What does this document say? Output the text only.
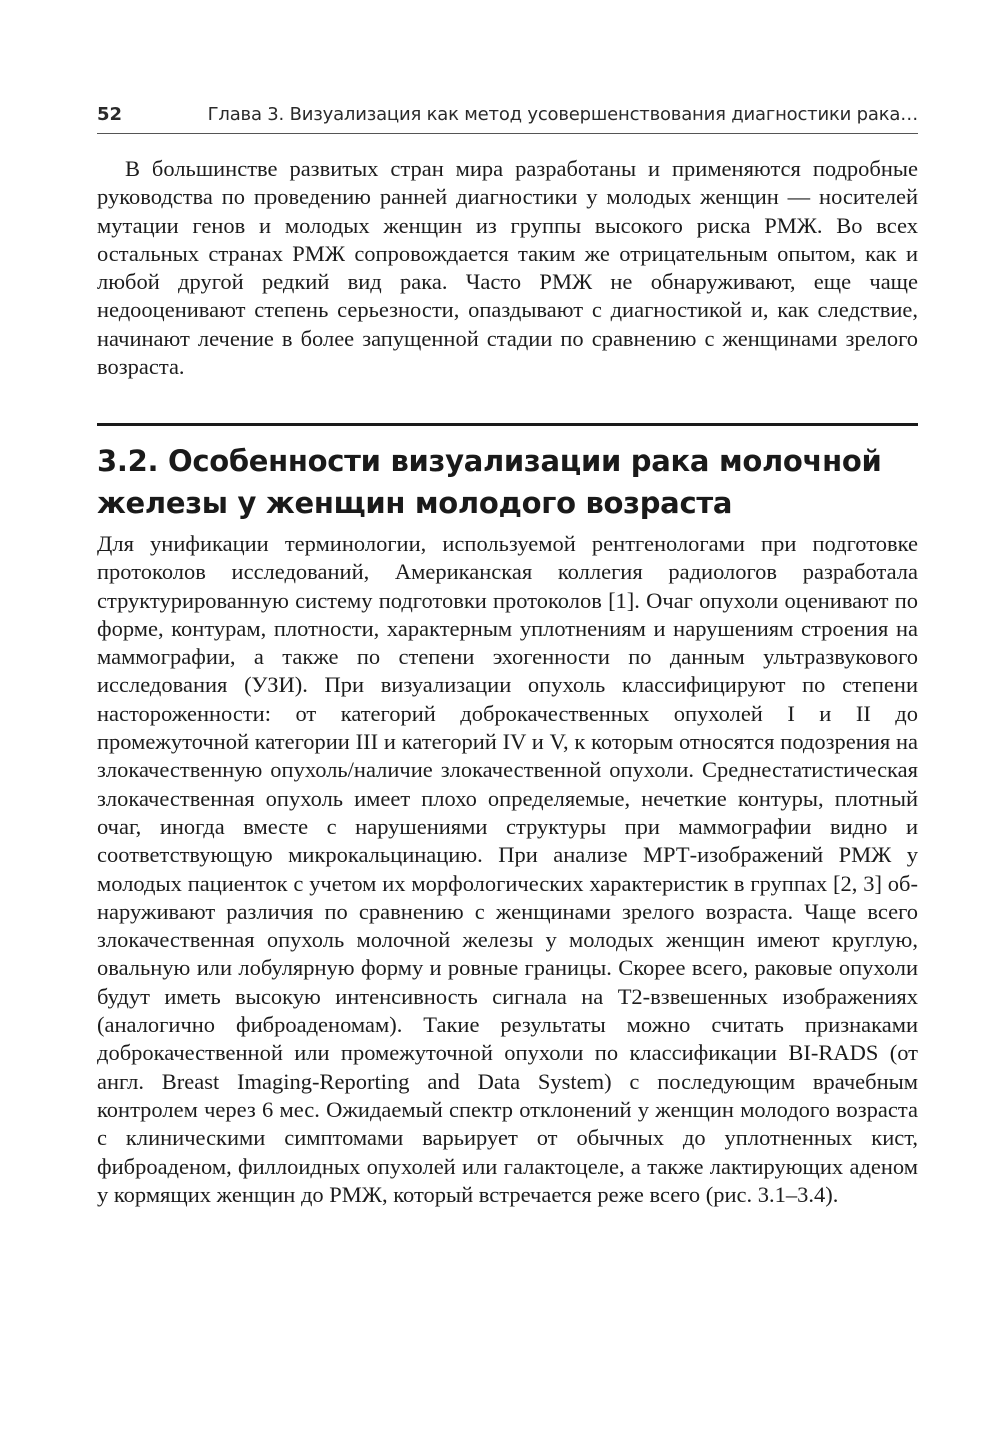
52	Глава 3. Визуализация как метод усовершенствования диагностики рака…

В большинстве развитых стран мира разработаны и применяются подробные руководства по проведению ранней диагностики у молодых женщин — носителей мутации генов и молодых женщин из группы высокого риска РМЖ. Во всех остальных странах РМЖ сопровождается таким же отрицательным опытом, как и любой другой редкий вид рака. Часто РМЖ не обнаруживают, еще чаще недооценивают степень серьезности, опаздывают с диагностикой и, как следствие, начинают лечение в более запущенной стадии по сравнению с женщинами зрелого возраста.

3.2. Особенности визуализации рака молочной
железы у женщин молодого возраста

Для унификации терминологии, используемой рентгенологами при подготовке протоколов исследований, Американская коллегия радиологов разработала структурированную систему подготовки протоколов [1]. Очаг опухоли оценивают по форме, контурам, плотности, характерным уплотнениям и нарушениям строения на маммографии, а также по степени эхогенности по данным ультразвукового исследования (УЗИ). При визуализации опухоль классифицируют по степени настороженности: от категорий доброкачественных опухолей I и II до промежуточной категории III и категорий IV и V, к которым относятся подозрения на злокачественную опухоль/наличие злокачественной опухоли. Среднестатистическая злокачественная опухоль имеет плохо определяемые, нечеткие контуры, плотный очаг, иногда вместе с нарушениями структуры при маммографии видно и соответствующую микрокальцинацию. При анализе МРТ-изображений РМЖ у молодых пациенток с учетом их морфологических характеристик в группах [2, 3] обнаруживают различия по сравнению с женщинами зрелого возраста. Чаще всего злокачественная опухоль молочной железы у молодых женщин имеют круглую, овальную или лобулярную форму и ровные границы. Скорее всего, раковые опухоли будут иметь высокую интенсивность сигнала на Т2-взвешенных изображениях (аналогично фиброаденомам). Такие результаты можно считать признаками доброкачественной или промежуточной опухоли по классификации BI-RADS (от англ. Breast Imaging-Reporting and Data System) с последующим врачебным контролем через 6 мес. Ожидаемый спектр отклонений у женщин молодого возраста с клиническими симптомами варьирует от обычных до уплотненных кист, фиброаденом, филлоидных опухолей или галактоцеле, а также лактирующих аденом у кормящих женщин до РМЖ, который встречается реже всего (рис. 3.1–3.4).
